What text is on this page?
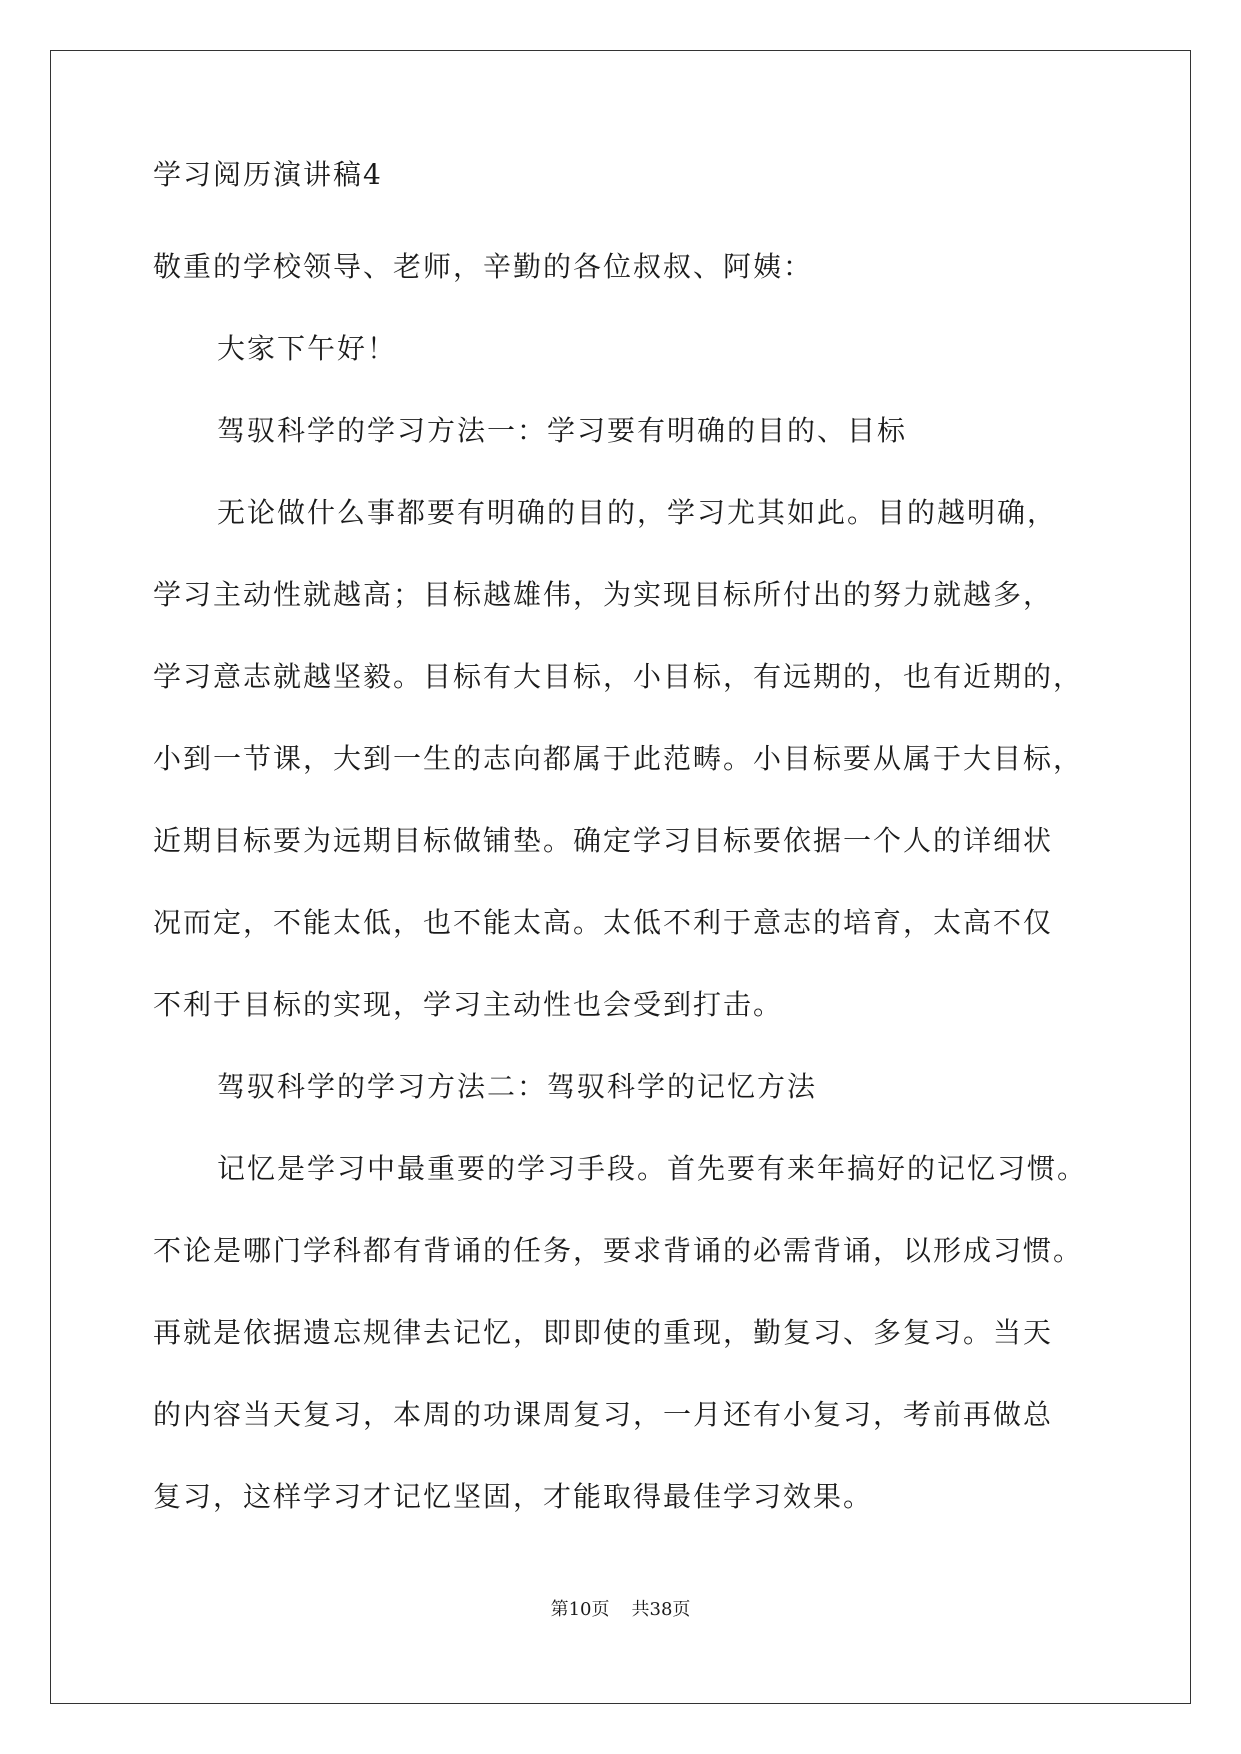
学习阅历演讲稿4
敬重的学校领导、老师，辛勤的各位叔叔、阿姨：
大家下午好！
驾驭科学的学习方法一：学习要有明确的目的、目标
无论做什么事都要有明确的目的，学习尤其如此。目的越明确，
学习主动性就越高；目标越雄伟，为实现目标所付出的努力就越多，
学习意志就越坚毅。目标有大目标，小目标，有远期的，也有近期的，
小到一节课，大到一生的志向都属于此范畴。小目标要从属于大目标，
近期目标要为远期目标做铺垫。确定学习目标要依据一个人的详细状
况而定，不能太低，也不能太高。太低不利于意志的培育，太高不仅
不利于目标的实现，学习主动性也会受到打击。
驾驭科学的学习方法二：驾驭科学的记忆方法
记忆是学习中最重要的学习手段。首先要有来年搞好的记忆习惯。
不论是哪门学科都有背诵的任务，要求背诵的必需背诵，以形成习惯。
再就是依据遗忘规律去记忆，即即使的重现，勤复习、多复习。当天
的内容当天复习，本周的功课周复习，一月还有小复习，考前再做总
复习，这样学习才记忆坚固，才能取得最佳学习效果。
第10页 共38页
